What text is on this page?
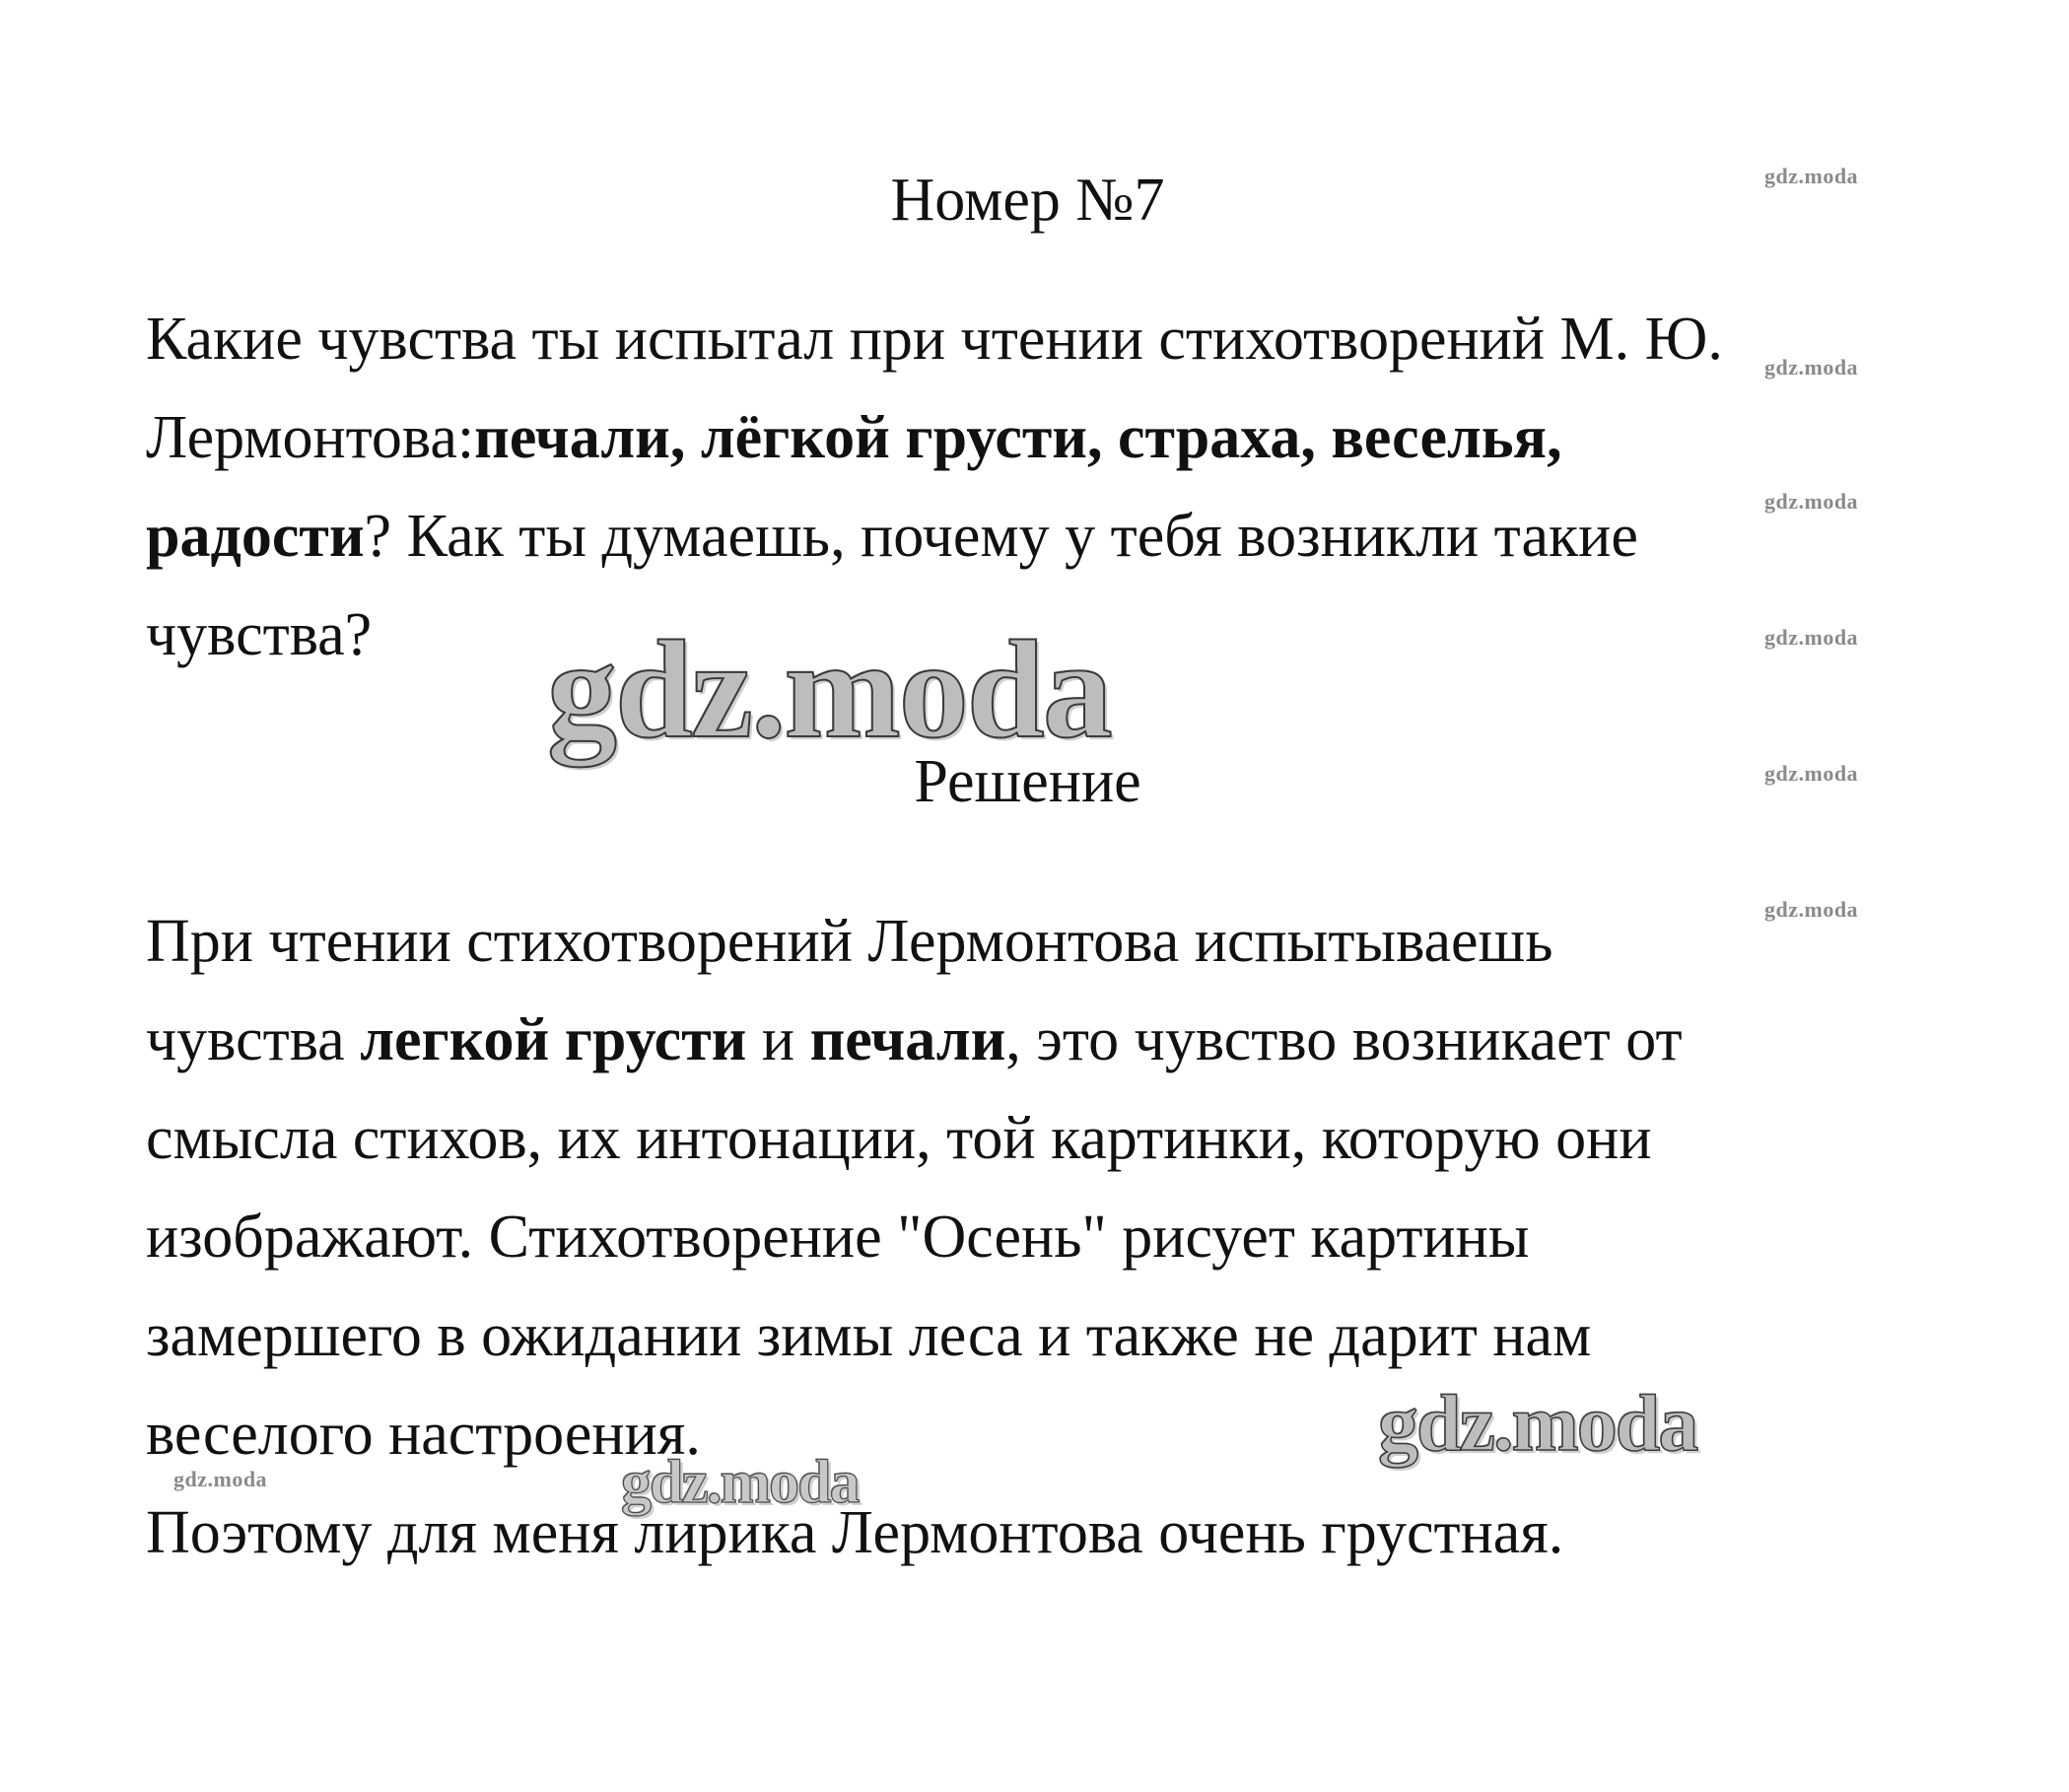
Номер №7
Какие чувства ты испытал при чтении стихотворений М. Ю.
Лермонтова:печали, лёгкой грусти, страха, веселья,
радости? Как ты думаешь, почему у тебя возникли такие
чувства?
Решение
При чтении стихотворений Лермонтова испытываешь
чувства легкой грусти и печали, это чувство возникает от
смысла стихов, их интонации, той картинки, которую они
изображают. Стихотворение "Осень" рисует картины
замершего в ожидании зимы леса и также не дарит нам
веселого настроения.
Поэтому для меня лирика Лермонтова очень грустная.
gdz.moda
gdz.moda
gdz.moda
gdz.moda
gdz.moda
gdz.moda
gdz.moda
gdz.moda
gdz.moda
gdz.moda
